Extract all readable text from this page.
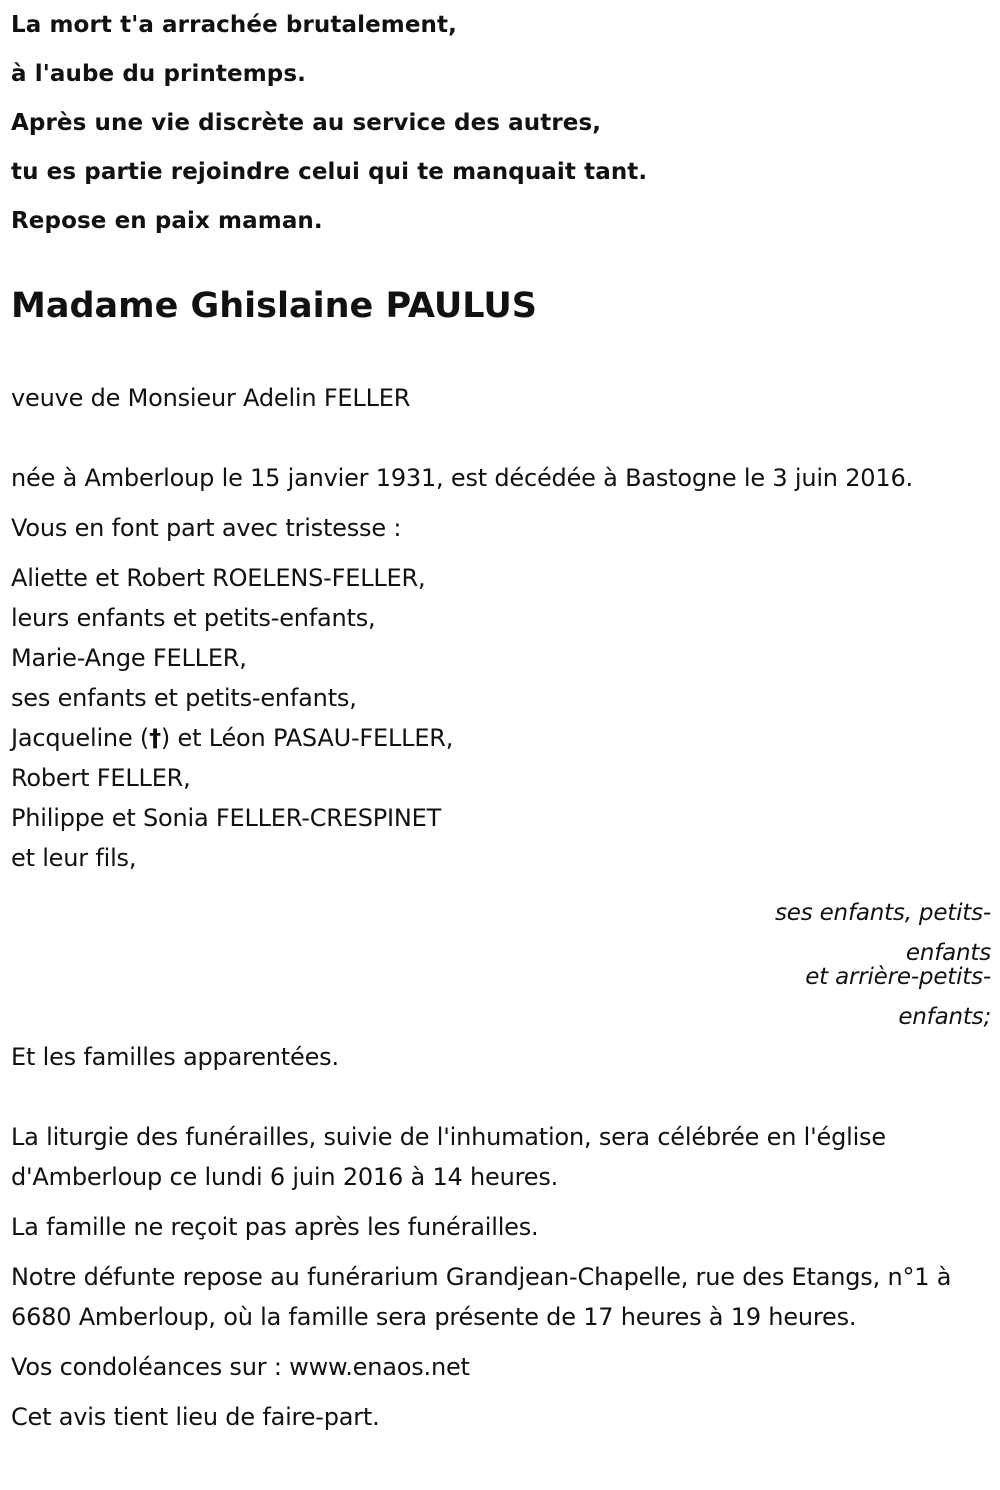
La mort t'a arrachée brutalement,
à l'aube du printemps.
Après une vie discrète au service des autres,
tu es partie rejoindre celui qui te manquait tant.
Repose en paix maman.
Madame Ghislaine PAULUS
veuve de Monsieur Adelin FELLER
née à Amberloup le 15 janvier 1931, est décédée à Bastogne le 3 juin 2016.
Vous en font part avec tristesse :
Aliette et Robert ROELENS-FELLER,
leurs enfants et petits-enfants,
Marie-Ange FELLER,
ses enfants et petits-enfants,
Jacqueline (†) et Léon PASAU-FELLER,
Robert FELLER,
Philippe et Sonia FELLER-CRESPINET
et leur fils,
ses enfants, petits-enfants
et arrière-petits-enfants;
Et les familles apparentées.
La liturgie des funérailles, suivie de l'inhumation, sera célébrée en l'église d'Amberloup ce lundi 6 juin 2016 à 14 heures.
La famille ne reçoit pas après les funérailles.
Notre défunte repose au funérarium Grandjean-Chapelle, rue des Etangs, n°1 à 6680 Amberloup, où la famille sera présente de 17 heures à 19 heures.
Vos condoléances sur : www.enaos.net
Cet avis tient lieu de faire-part.
